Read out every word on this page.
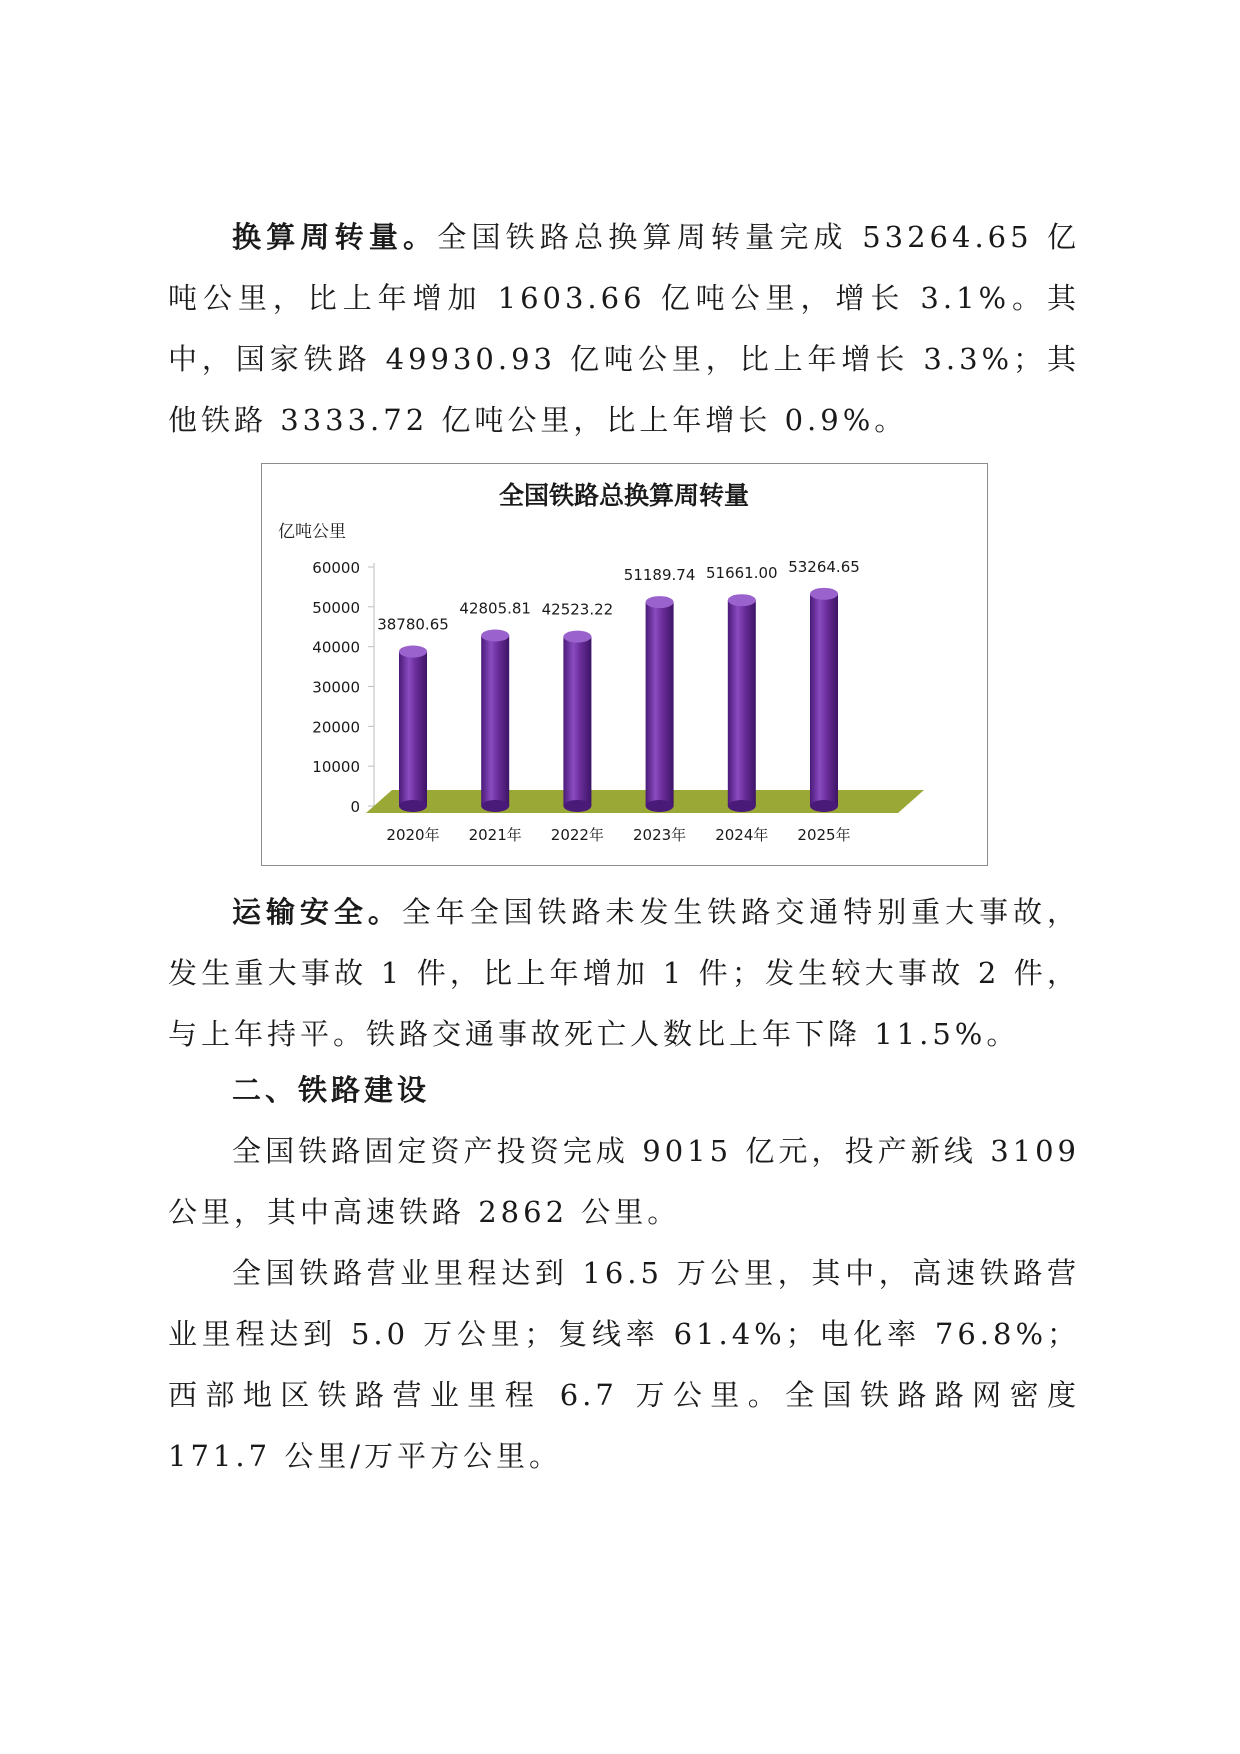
换算周转量。全国铁路总换算周转量完成 53264.65 亿吨公里，比上年增加 1603.66 亿吨公里，增长 3.1%。其中，国家铁路 49930.93 亿吨公里，比上年增长 3.3%；其他铁路 3333.72 亿吨公里，比上年增长 0.9%。

全国铁路总换算周转量
亿吨公里
0
10000
20000
30000
40000
50000
60000
38780.65
42805.81 42523.22
51189.74 51661.00 53264.65
2020年 2021年 2022年 2023年 2024年 2025年

运输安全。全年全国铁路未发生铁路交通特别重大事故，发生重大事故 1 件，比上年增加 1 件；发生较大事故 2 件，与上年持平。铁路交通事故死亡人数比上年下降 11.5%。

二、铁路建设

全国铁路固定资产投资完成 9015 亿元，投产新线 3109 公里，其中高速铁路 2862 公里。

全国铁路营业里程达到 16.5 万公里，其中，高速铁路营业里程达到 5.0 万公里；复线率 61.4%；电化率 76.8%；西部地区铁路营业里程 6.7 万公里。全国铁路路网密度 171.7 公里/万平方公里。
